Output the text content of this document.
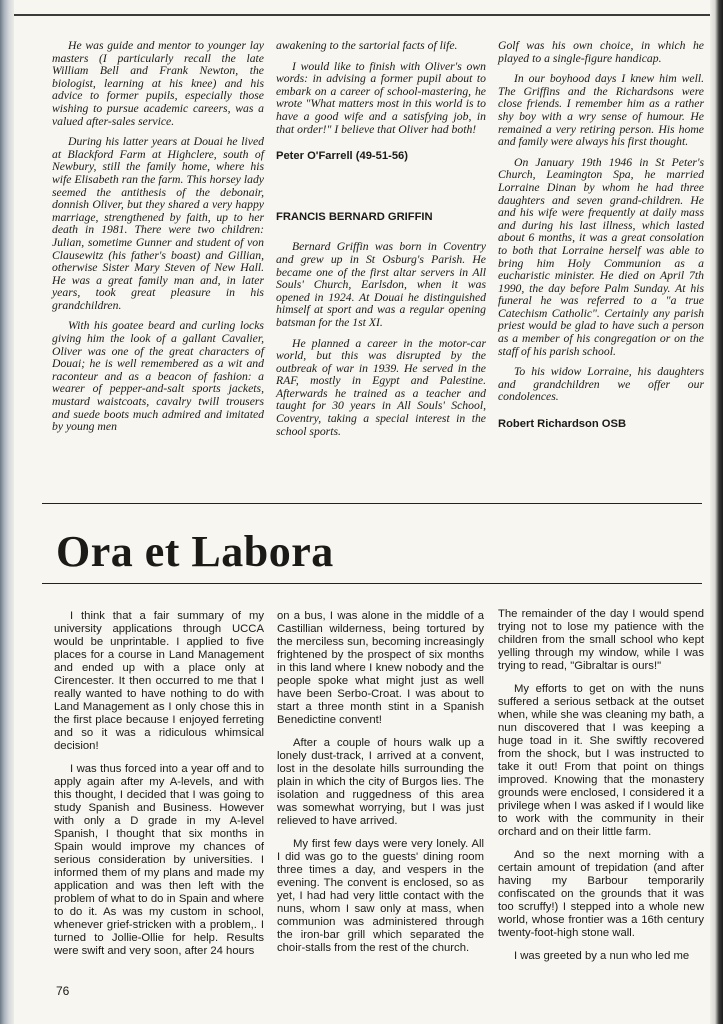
He was guide and mentor to younger lay masters (I particularly recall the late William Bell and Frank Newton, the biologist, learning at his knee) and his advice to former pupils, especially those wishing to pursue academic careers, was a valued after-sales service.

During his latter years at Douai he lived at Blackford Farm at Highclere, south of Newbury, still the family home, where his wife Elisabeth ran the farm. This horsey lady seemed the antithesis of the debonair, donnish Oliver, but they shared a very happy marriage, strengthened by faith, up to her death in 1981. There were two children: Julian, sometime Gunner and student of von Clausewitz (his father's boast) and Gillian, otherwise Sister Mary Steven of New Hall. He was a great family man and, in later years, took great pleasure in his grandchildren.

With his goatee beard and curling locks giving him the look of a gallant Cavalier, Oliver was one of the great characters of Douai; he is well remembered as a wit and raconteur and as a beacon of fashion: a wearer of pepper-and-salt sports jackets, mustard waistcoats, cavalry twill trousers and suede boots much admired and imitated by young men

awakening to the sartorial facts of life.

I would like to finish with Oliver's own words: in advising a former pupil about to embark on a career of school-mastering, he wrote "What matters most in this world is to have a good wife and a satisfying job, in that order!" I believe that Oliver had both!

Peter O'Farrell (49-51-56)

FRANCIS BERNARD GRIFFIN

Bernard Griffin was born in Coventry and grew up in St Osburg's Parish. He became one of the first altar servers in All Souls' Church, Earlsdon, when it was opened in 1924. At Douai he distinguished himself at sport and was a regular opening batsman for the 1st XI.

He planned a career in the motor-car world, but this was disrupted by the outbreak of war in 1939. He served in the RAF, mostly in Egypt and Palestine. Afterwards he trained as a teacher and taught for 30 years in All Souls' School, Coventry, taking a special interest in the school sports.

Golf was his own choice, in which he played to a single-figure handicap.

In our boyhood days I knew him well. The Griffins and the Richardsons were close friends. I remember him as a rather shy boy with a wry sense of humour. He remained a very retiring person. His home and family were always his first thought.

On January 19th 1946 in St Peter's Church, Leamington Spa, he married Lorraine Dinan by whom he had three daughters and seven grand-children. He and his wife were frequently at daily mass and during his last illness, which lasted about 6 months, it was a great consolation to both that Lorraine herself was able to bring him Holy Communion as a eucharistic minister. He died on April 7th 1990, the day before Palm Sunday. At his funeral he was referred to a "a true Catechism Catholic". Certainly any parish priest would be glad to have such a person as a member of his congregation or on the staff of his parish school.

To his widow Lorraine, his daughters and grandchildren we offer our condolences.

Robert Richardson OSB

Ora et Labora

I think that a fair summary of my university applications through UCCA would be unprintable. I applied to five places for a course in Land Management and ended up with a place only at Cirencester. It then occurred to me that I really wanted to have nothing to do with Land Management as I only chose this in the first place because I enjoyed ferreting and so it was a ridiculous whimsical decision!

I was thus forced into a year off and to apply again after my A-levels, and with this thought, I decided that I was going to study Spanish and Business. However with only a D grade in my A-level Spanish, I thought that six months in Spain would improve my chances of serious consideration by universities. I informed them of my plans and made my application and was then left with the problem of what to do in Spain and where to do it. As was my custom in school, whenever grief-stricken with a problem,. I turned to Jollie-Ollie for help. Results were swift and very soon, after 24 hours

on a bus, I was alone in the middle of a Castillian wilderness, being tortured by the merciless sun, becoming increasingly frightened by the prospect of six months in this land where I knew nobody and the people spoke what might just as well have been Serbo-Croat. I was about to start a three month stint in a Spanish Benedictine convent!

After a couple of hours walk up a lonely dust-track, I arrived at a convent, lost in the desolate hills surrounding the plain in which the city of Burgos lies. The isolation and ruggedness of this area was somewhat worrying, but I was just relieved to have arrived.

My first few days were very lonely. All I did was go to the guests' dining room three times a day, and vespers in the evening. The convent is enclosed, so as yet, I had had very little contact with the nuns, whom I saw only at mass, when communion was administered through the iron-bar grill which separated the choir-stalls from the rest of the church.

The remainder of the day I would spend trying not to lose my patience with the children from the small school who kept yelling through my window, while I was trying to read, "Gibraltar is ours!"

My efforts to get on with the nuns suffered a serious setback at the outset when, while she was cleaning my bath, a nun discovered that I was keeping a huge toad in it. She swiftly recovered from the shock, but I was instructed to take it out! From that point on things improved. Knowing that the monastery grounds were enclosed, I considered it a privilege when I was asked if I would like to work with the community in their orchard and on their little farm.

And so the next morning with a certain amount of trepidation (and after having my Barbour temporarily confiscated on the grounds that it was too scruffy!) I stepped into a whole new world, whose frontier was a 16th century twenty-foot-high stone wall.

I was greeted by a nun who led me

76
